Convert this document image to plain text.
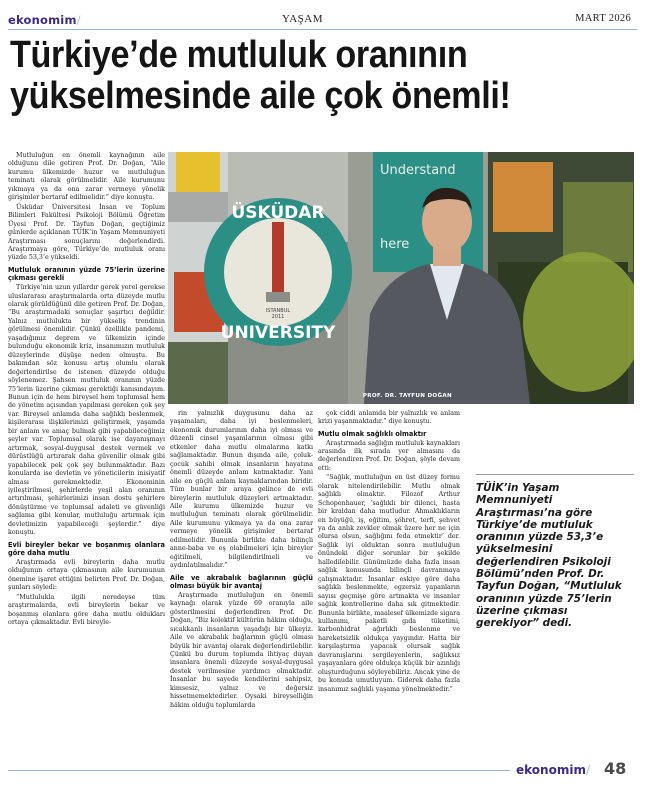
ekonomim/	YAŞAM	MART 2026
Türkiye’de mutluluk oranının
yükselmesinde aile çok önemli!

Mutluluğun en önemli kaynağının aile olduğunu dile getiren Prof. Dr. Doğan, “Aile kurumu ülkemizde huzur ve mutluluğun teminatı olarak görülmelidir. Aile kurumunu yıkmaya ya da ona zarar vermeye yönelik girişimler bertaraf edilmelidir.” diye konuştu.

Üsküdar Üniversitesi İnsan ve Toplum Bilimleri Fakültesi Psikoloji Bölümü Öğretim Üyesi Prof. Dr. Tayfun Doğan, geçtiğimiz günlerde açıklanan TÜİK’in Yaşam Memnuniyeti Araştırması sonuçlarını değerlendirdi. Araştırmaya göre, Türkiye’de mutluluk oranı yüzde 53,3’e yükseldi.

Mutluluk oranının yüzde 75’lerin üzerine çıkması gerekli

Türkiye’nin uzun yıllardır gerek yerel gerekse uluslararası araştırmalarda orta düzeyde mutlu olarak görüldüğünü dile getiren Prof. Dr. Doğan, “Bu araştırmadaki sonuçlar şaşırtıcı değildir. Yalnız mutlulukta bir yükseliş trendinin görülmesi önemlidir. Çünkü özellikle pandemi, yaşadığımız deprem ve ülkemizin içinde bulunduğu ekonomik kriz, insanımızın mutluluk düzeylerinde düşüşe neden olmuştu. Bu bakımdan söz konusu artış olumlu olarak değerlendirilse de istenen düzeyde olduğu söylenemez. Şahsen mutluluk oranının yüzde 75’lerin üzerine çıkması gerektiği kanısındayım. Bunun için de hem bireysel hem toplumsal hem de yönetim açısından yapılması gereken çok şey var. Bireysel anlamda daha sağlıklı beslenmek, kişilerarası ilişkilerimizi geliştirmek, yaşamda bir anlam ve amaç bulmak gibi yapabileceğimiz şeyler var. Toplumsal olarak ise dayanışmayı artırmak, sosyal-duygusal destek vermek ve dürüstlüğü artırarak daha güvenilir olmak gibi yapabilecek pek çok şey bulunmaktadır. Bazı konularda ise devletin ve yöneticilerin inisiyatif alması gerekmektedir. Ekonominin iyileştirilmesi, şehirlerde yeşil alan oranının artırılması, şehirlerimizi insan dostu şehirlere dönüştürme ve toplumsal adaleti ve güvenliği sağlama gibi konular, mutluluğu artırmak için devletimizin yapabileceği şeylerdir.” diye konuştu.

Evli bireyler bekar ve boşanmış olanlara göre daha mutlu

Araştırmada evli bireylerin daha mutlu olduğunun ortaya çıkmasının aile kurumunun önemine işaret ettiğini belirten Prof. Dr. Doğan, şunları söyledi:

“Mutlulukla ilgili neredeyse tüm araştırmalarda, evli bireylerin bekar ve boşanmış olanlara göre daha mutlu oldukları ortaya çıkmaktadır. Evli bireyle-

ÜSKÜDAR
UNIVERSITY
ISTANBUL
2011
Understand
here
PROF. DR. TAYFUN DOĞAN

rin yalnızlık duygusunu daha az yaşamaları, daha iyi beslenmeleri, ekonomik durumlarının daha iyi olması ve düzenli cinsel yaşamlarının olması gibi etkenler daha mutlu olmalarına katkı sağlamaktadır. Bunun dışında aile, çoluk-çocuk sahibi olmak insanların hayatına önemli düzeyde anlam katmaktadır. Yani aile en güçlü anlam kaynaklarından biridir. Tüm bunlar bir araya gelince de evli bireylerin mutluluk düzeyleri artmaktadır. Aile kurumu ülkemizde huzur ve mutluluğun teminatı olarak görülmelidir. Aile kurumunu yıkmaya ya da ona zarar vermeye yönelik girişimler bertaraf edilmelidir. Bununla birlikte daha bilinçli anne-baba ve eş olabilmeleri için bireyler eğitilmeli, bilgilendirilmeli ve aydınlatılmalıdır.”

Aile ve akrabalık bağlarının güçlü olması büyük bir avantaj

Araştırmada mutluluğun en önemli kaynağı olarak yüzde 69 oranıyla aile gösterilmesini değerlendiren Prof. Dr. Doğan, “Biz kolektif kültürün hâkim olduğu, sıcakkanlı insanların yaşadığı bir ülkeyiz. Aile ve akrabalık bağlarının güçlü olması büyük bir avantaj olarak değerlendirilebilir. Çünkü bu durum toplumda ihtiyaç duyan insanlara önemli düzeyde sosyal-duygusal destek verilmesine yardımcı olmaktadır. İnsanlar bu sayede kendilerini sahipsiz, kimsesiz, yalnız ve değersiz hissetmemektedirler. Oysaki bireyselliğin hâkim olduğu toplumlarda

çok ciddi anlamda bir yalnızlık ve anlam krizi yaşanmaktadır.” diye konuştu.

Mutlu olmak sağlıklı olmaktır

Araştırmada sağlığın mutluluk kaynakları arasında ilk sırada yer almasını da değerlendiren Prof. Dr. Doğan, şöyle devam etti:

“Sağlık, mutluluğun en üst düzey formu olarak nitelendirilebilir. Mutlu olmak sağlıklı olmaktır. Filozof Arthur Schopenhauer, ‘sağlıklı bir dilenci, hasta bir kraldan daha mutludur. Ahmaklıkların en büyüğü, iş, eğitim, şöhret, terfi, şehvet ya da anlık zevkler olmak üzere her ne için olursa olsun, sağlığını feda etmektir’ der. Sağlık iyi olduktan sonra mutluluğun önündeki diğer sorunlar bir şekilde halledilebilir. Günümüzde daha fazla insan sağlık konusunda bilinçli davranmaya çalışmaktadır. İnsanlar eskiye göre daha sağlıklı beslenmekte, egzersiz yapanların sayısı geçmişe göre artmakta ve insanlar sağlık kontrollerine daha sık gitmektedir. Bununla birlikte, maalesef ülkemizde sigara kullanımı, paketli gıda tüketimi, karbonhidrat ağırlıklı beslenme ve hareketsizlik oldukça yaygındır. Hatta bir karşılaştırma yapacak olursak sağlık davranışlarını sergileyenlerin, sağlıksız yaşayanlara göre oldukça küçük bir azınlığı oluşturduğunu söyleyebiliriz. Ancak yine de bu konuda umutluyum. Giderek daha fazla insanımız sağlıklı yaşama yönelmektedir.”

TÜİK’in Yaşam Memnuniyeti Araştırması’na göre Türkiye’de mutluluk oranının yüzde 53,3’e yükselmesini değerlendiren Psikoloji Bölümü’nden Prof. Dr. Tayfun Doğan, “Mutluluk oranının yüzde 75’lerin üzerine çıkması gerekiyor” dedi.
ekonomim/ 48
